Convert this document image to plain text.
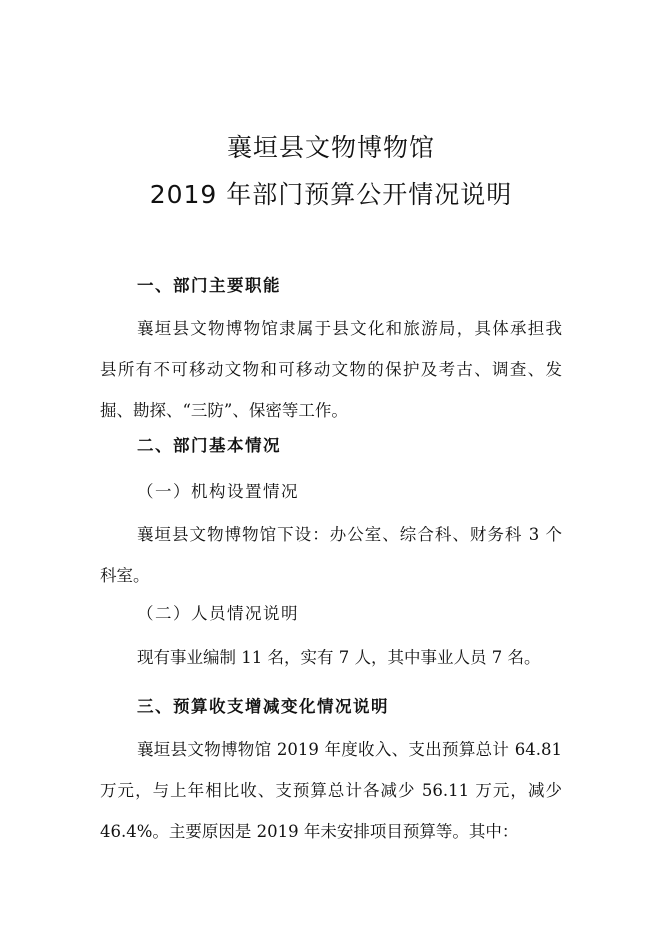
襄垣县文物博物馆
2019 年部门预算公开情况说明
一、部门主要职能
襄垣县文物博物馆隶属于县文化和旅游局，具体承担我
县所有不可移动文物和可移动文物的保护及考古、调查、发
掘、勘探、“三防”、保密等工作。
二、部门基本情况
（一）机构设置情况
襄垣县文物博物馆下设：办公室、综合科、财务科 3 个
科室。
（二）人员情况说明
现有事业编制 11 名，实有 7 人，其中事业人员 7 名。
三、预算收支增减变化情况说明
襄垣县文物博物馆 2019 年度收入、支出预算总计 64.81
万元，与上年相比收、支预算总计各减少 56.11 万元，减少
46.4%。主要原因是 2019 年未安排项目预算等。其中：
